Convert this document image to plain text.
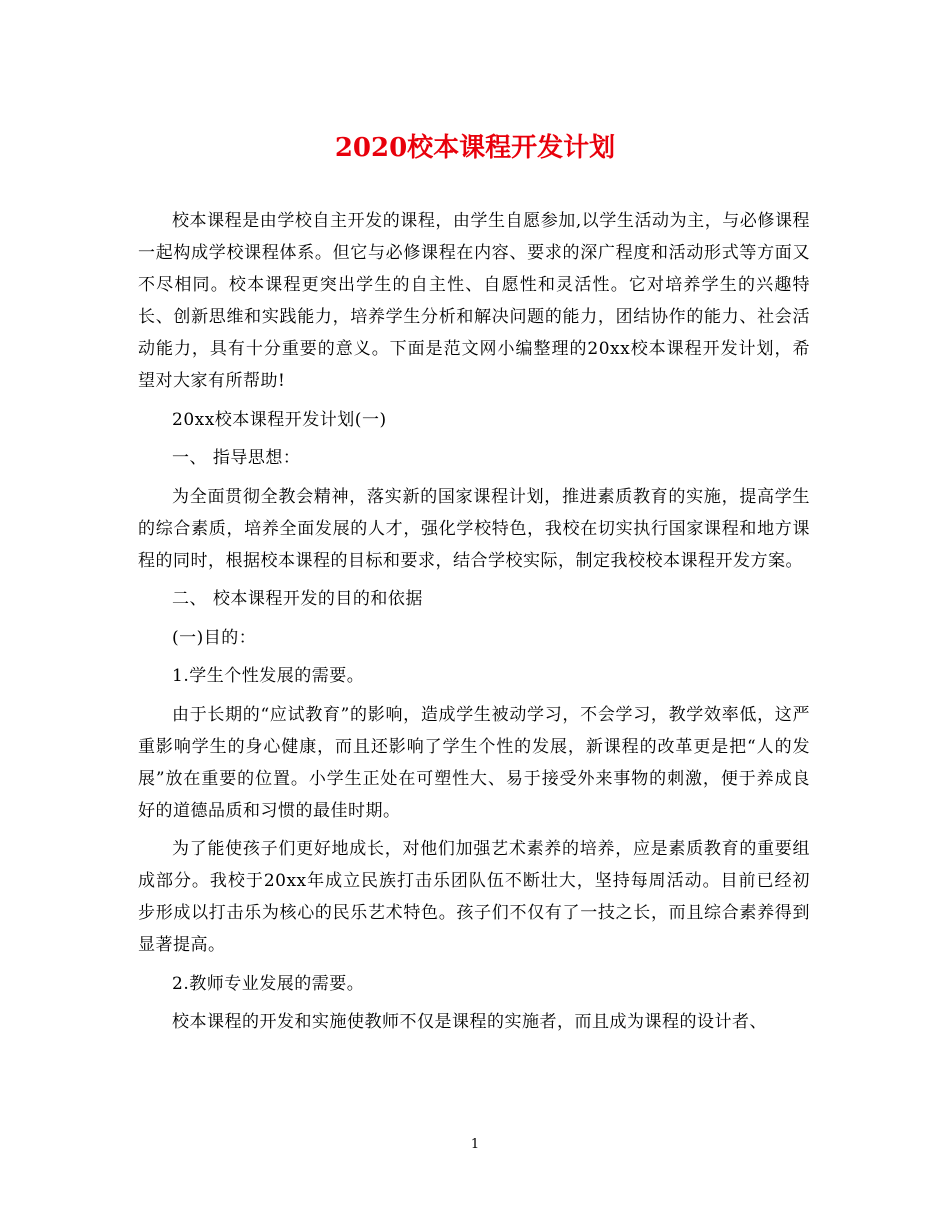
2020校本课程开发计划

校本课程是由学校自主开发的课程，由学生自愿参加,以学生活动为主，与必修课程一起构成学校课程体系。但它与必修课程在内容、要求的深广程度和活动形式等方面又不尽相同。校本课程更突出学生的自主性、自愿性和灵活性。它对培养学生的兴趣特长、创新思维和实践能力，培养学生分析和解决问题的能力，团结协作的能力、社会活动能力，具有十分重要的意义。下面是范文网小编整理的20xx校本课程开发计划，希望对大家有所帮助!

20xx校本课程开发计划(一)

一、 指导思想：

为全面贯彻全教会精神，落实新的国家课程计划，推进素质教育的实施，提高学生的综合素质，培养全面发展的人才，强化学校特色，我校在切实执行国家课程和地方课程的同时，根据校本课程的目标和要求，结合学校实际，制定我校校本课程开发方案。

二、 校本课程开发的目的和依据

(一)目的：

1.学生个性发展的需要。

由于长期的“应试教育”的影响，造成学生被动学习，不会学习，教学效率低，这严重影响学生的身心健康，而且还影响了学生个性的发展，新课程的改革更是把“人的发展”放在重要的位置。小学生正处在可塑性大、易于接受外来事物的刺激，便于养成良好的道德品质和习惯的最佳时期。

为了能使孩子们更好地成长，对他们加强艺术素养的培养，应是素质教育的重要组成部分。我校于20xx年成立民族打击乐团队伍不断壮大，坚持每周活动。目前已经初步形成以打击乐为核心的民乐艺术特色。孩子们不仅有了一技之长，而且综合素养得到显著提高。

2.教师专业发展的需要。

校本课程的开发和实施使教师不仅是课程的实施者，而且成为课程的设计者、

1
